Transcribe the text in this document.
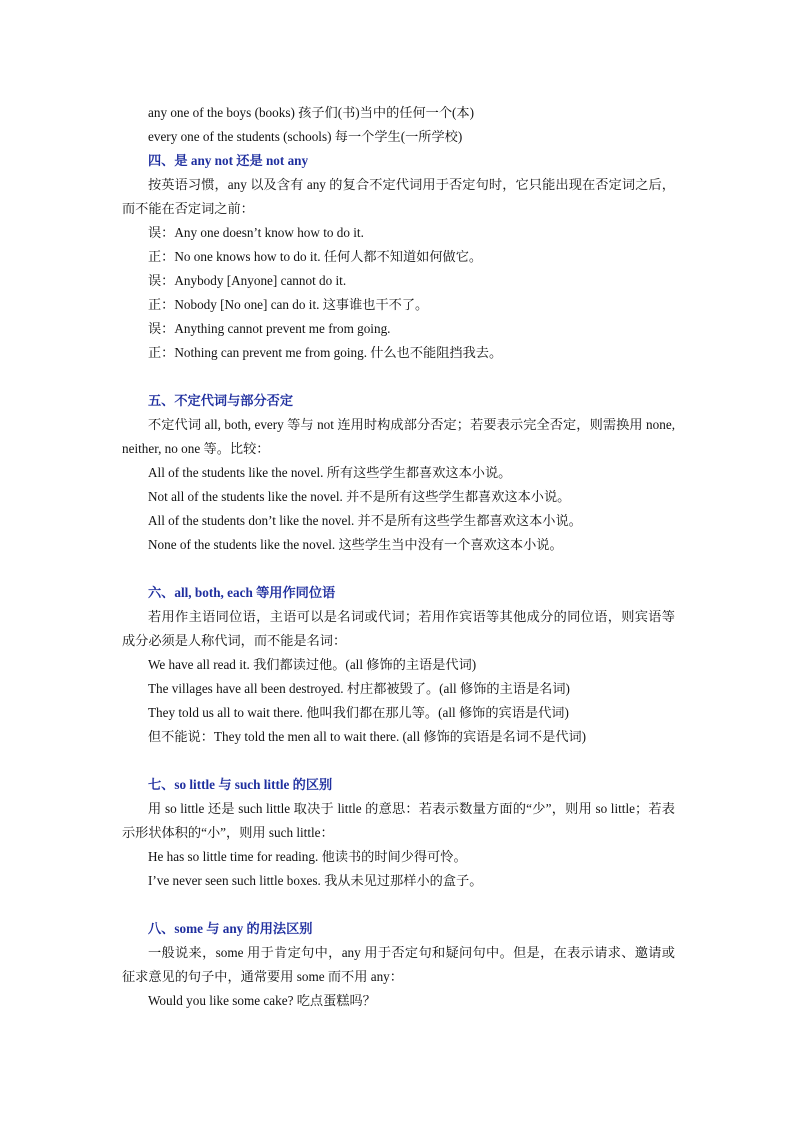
any one of the boys (books) 孩子们(书)当中的任何一个(本)

every one of the students (schools) 每一个学生(一所学校)

四、是 any not 还是 not any

按英语习惯，any 以及含有 any 的复合不定代词用于否定句时，它只能出现在否定词之后，而不能在否定词之前：

误：Any one doesn’t know how to do it.

正：No one knows how to do it. 任何人都不知道如何做它。

误：Anybody [Anyone] cannot do it.

正：Nobody [No one] can do it. 这事谁也干不了。

误：Anything cannot prevent me from going.

正：Nothing can prevent me from going. 什么也不能阻挡我去。

五、不定代词与部分否定

不定代词 all, both, every 等与 not 连用时构成部分否定；若要表示完全否定，则需换用 none, neither, no one 等。比较：

All of the students like the novel. 所有这些学生都喜欢这本小说。

Not all of the students like the novel. 并不是所有这些学生都喜欢这本小说。

All of the students don’t like the novel. 并不是所有这些学生都喜欢这本小说。

None of the students like the novel. 这些学生当中没有一个喜欢这本小说。

六、all, both, each 等用作同位语

若用作主语同位语，主语可以是名词或代词；若用作宾语等其他成分的同位语，则宾语等成分必须是人称代词，而不能是名词：

We have all read it. 我们都读过他。(all 修饰的主语是代词)

The villages have all been destroyed. 村庄都被毁了。(all 修饰的主语是名词)

They told us all to wait there. 他叫我们都在那儿等。(all 修饰的宾语是代词)

但不能说：They told the men all to wait there. (all 修饰的宾语是名词不是代词)

七、so little 与 such little 的区别

用 so little 还是 such little 取决于 little 的意思：若表示数量方面的“少”，则用 so little；若表示形状体积的“小”，则用 such little：

He has so little time for reading. 他读书的时间少得可怜。

I’ve never seen such little boxes. 我从未见过那样小的盒子。

八、some 与 any 的用法区别

一般说来，some 用于肯定句中，any 用于否定句和疑问句中。但是，在表示请求、邀请或征求意见的句子中，通常要用 some 而不用 any：

Would you like some cake? 吃点蛋糕吗？
